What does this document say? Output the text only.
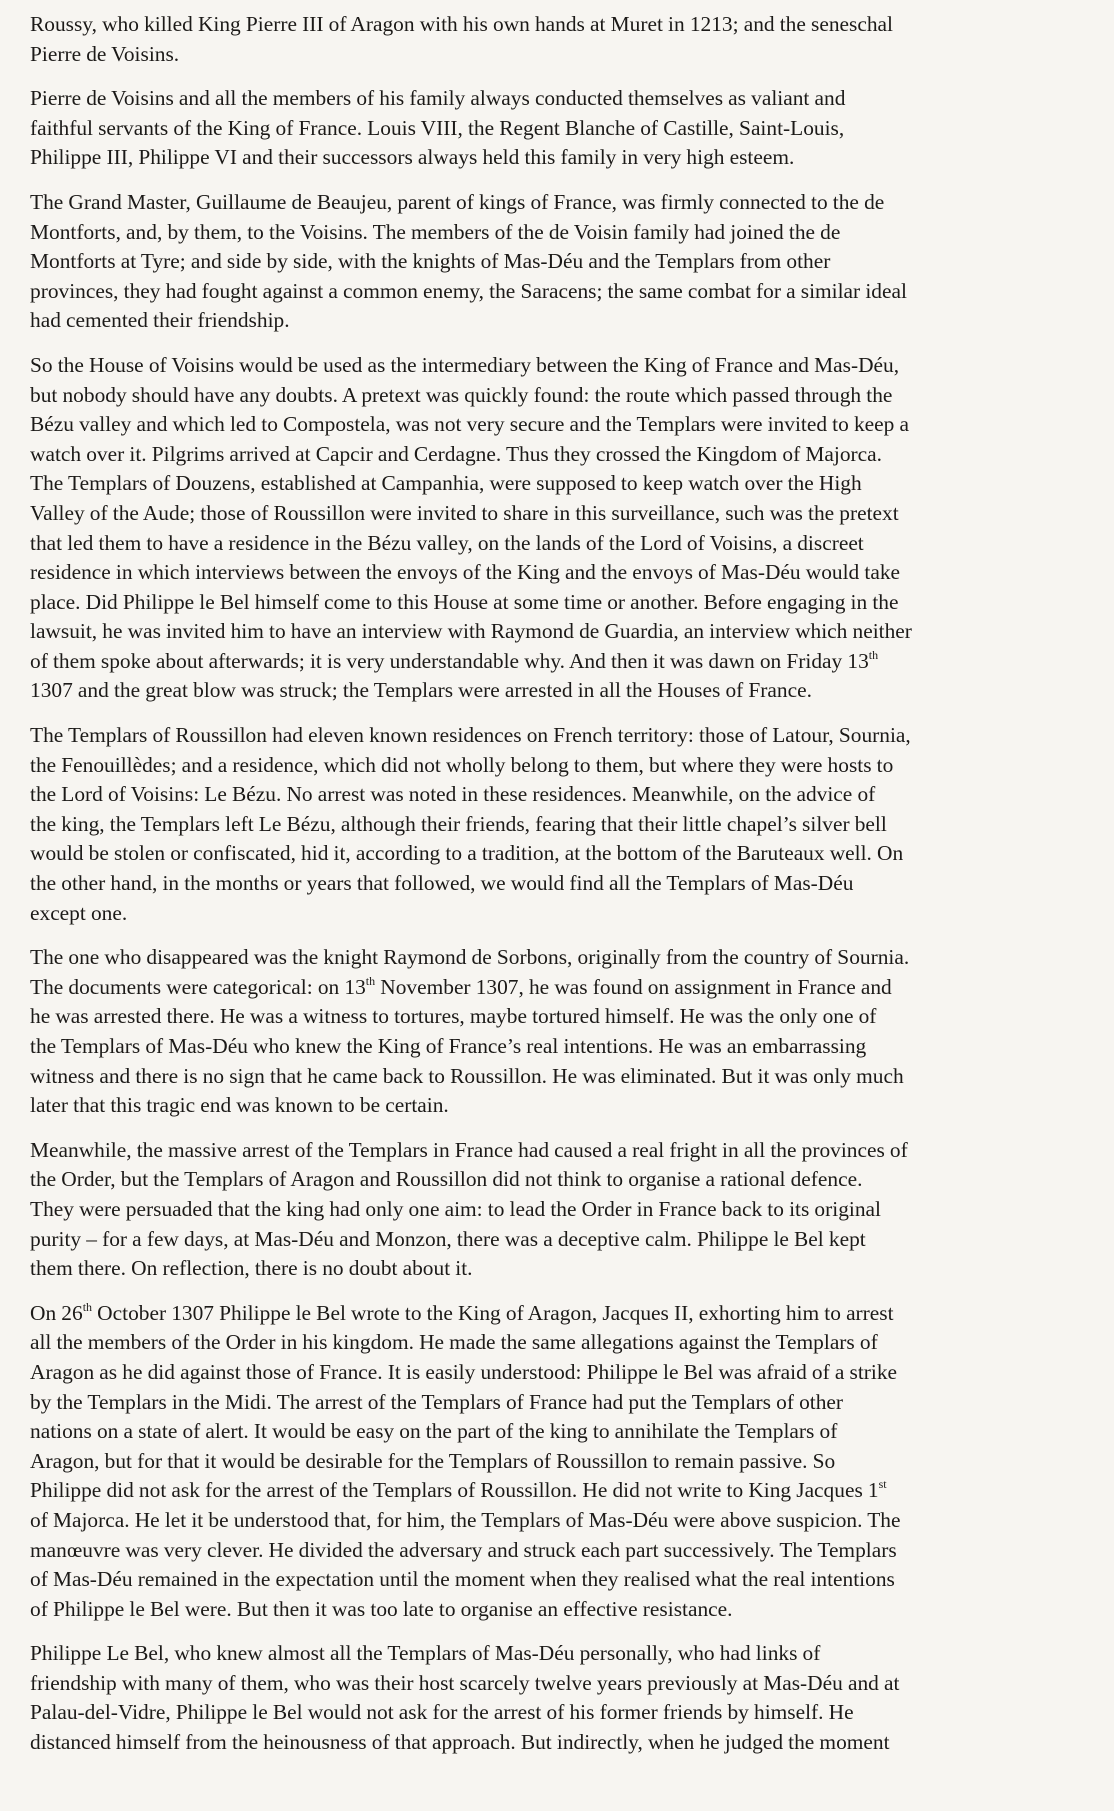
Roussy, who killed King Pierre III of Aragon with his own hands at Muret in 1213; and the seneschal
Pierre de Voisins.

Pierre de Voisins and all the members of his family always conducted themselves as valiant and
faithful servants of the King of France. Louis VIII, the Regent Blanche of Castille, Saint-Louis,
Philippe III, Philippe VI and their successors always held this family in very high esteem.

The Grand Master, Guillaume de Beaujeu, parent of kings of France, was firmly connected to the de
Montforts, and, by them, to the Voisins. The members of the de Voisin family had joined the de
Montforts at Tyre; and side by side, with the knights of Mas-Déu and the Templars from other
provinces, they had fought against a common enemy, the Saracens; the same combat for a similar ideal
had cemented their friendship.

So the House of Voisins would be used as the intermediary between the King of France and Mas-Déu,
but nobody should have any doubts. A pretext was quickly found: the route which passed through the
Bézu valley and which led to Compostela, was not very secure and the Templars were invited to keep a
watch over it. Pilgrims arrived at Capcir and Cerdagne. Thus they crossed the Kingdom of Majorca.
The Templars of Douzens, established at Campanhia, were supposed to keep watch over the High
Valley of the Aude; those of Roussillon were invited to share in this surveillance, such was the pretext
that led them to have a residence in the Bézu valley, on the lands of the Lord of Voisins, a discreet
residence in which interviews between the envoys of the King and the envoys of Mas-Déu would take
place. Did Philippe le Bel himself come to this House at some time or another. Before engaging in the
lawsuit, he was invited him to have an interview with Raymond de Guardia, an interview which neither
of them spoke about afterwards; it is very understandable why. And then it was dawn on Friday 13th
1307 and the great blow was struck; the Templars were arrested in all the Houses of France.

The Templars of Roussillon had eleven known residences on French territory: those of Latour, Sournia,
the Fenouillèdes; and a residence, which did not wholly belong to them, but where they were hosts to
the Lord of Voisins: Le Bézu. No arrest was noted in these residences. Meanwhile, on the advice of
the king, the Templars left Le Bézu, although their friends, fearing that their little chapel’s silver bell
would be stolen or confiscated, hid it, according to a tradition, at the bottom of the Baruteaux well. On
the other hand, in the months or years that followed, we would find all the Templars of Mas-Déu
except one.

The one who disappeared was the knight Raymond de Sorbons, originally from the country of Sournia.
The documents were categorical: on 13th November 1307, he was found on assignment in France and
he was arrested there. He was a witness to tortures, maybe tortured himself. He was the only one of
the Templars of Mas-Déu who knew the King of France’s real intentions. He was an embarrassing
witness and there is no sign that he came back to Roussillon. He was eliminated. But it was only much
later that this tragic end was known to be certain.

Meanwhile, the massive arrest of the Templars in France had caused a real fright in all the provinces of
the Order, but the Templars of Aragon and Roussillon did not think to organise a rational defence.
They were persuaded that the king had only one aim: to lead the Order in France back to its original
purity – for a few days, at Mas-Déu and Monzon, there was a deceptive calm. Philippe le Bel kept
them there. On reflection, there is no doubt about it.

On 26th October 1307 Philippe le Bel wrote to the King of Aragon, Jacques II, exhorting him to arrest
all the members of the Order in his kingdom. He made the same allegations against the Templars of
Aragon as he did against those of France. It is easily understood: Philippe le Bel was afraid of a strike
by the Templars in the Midi. The arrest of the Templars of France had put the Templars of other
nations on a state of alert. It would be easy on the part of the king to annihilate the Templars of
Aragon, but for that it would be desirable for the Templars of Roussillon to remain passive. So
Philippe did not ask for the arrest of the Templars of Roussillon. He did not write to King Jacques 1st
of Majorca. He let it be understood that, for him, the Templars of Mas-Déu were above suspicion. The
manœuvre was very clever. He divided the adversary and struck each part successively. The Templars
of Mas-Déu remained in the expectation until the moment when they realised what the real intentions
of Philippe le Bel were. But then it was too late to organise an effective resistance.

Philippe Le Bel, who knew almost all the Templars of Mas-Déu personally, who had links of
friendship with many of them, who was their host scarcely twelve years previously at Mas-Déu and at
Palau-del-Vidre, Philippe le Bel would not ask for the arrest of his former friends by himself. He
distanced himself from the heinousness of that approach. But indirectly, when he judged the moment
